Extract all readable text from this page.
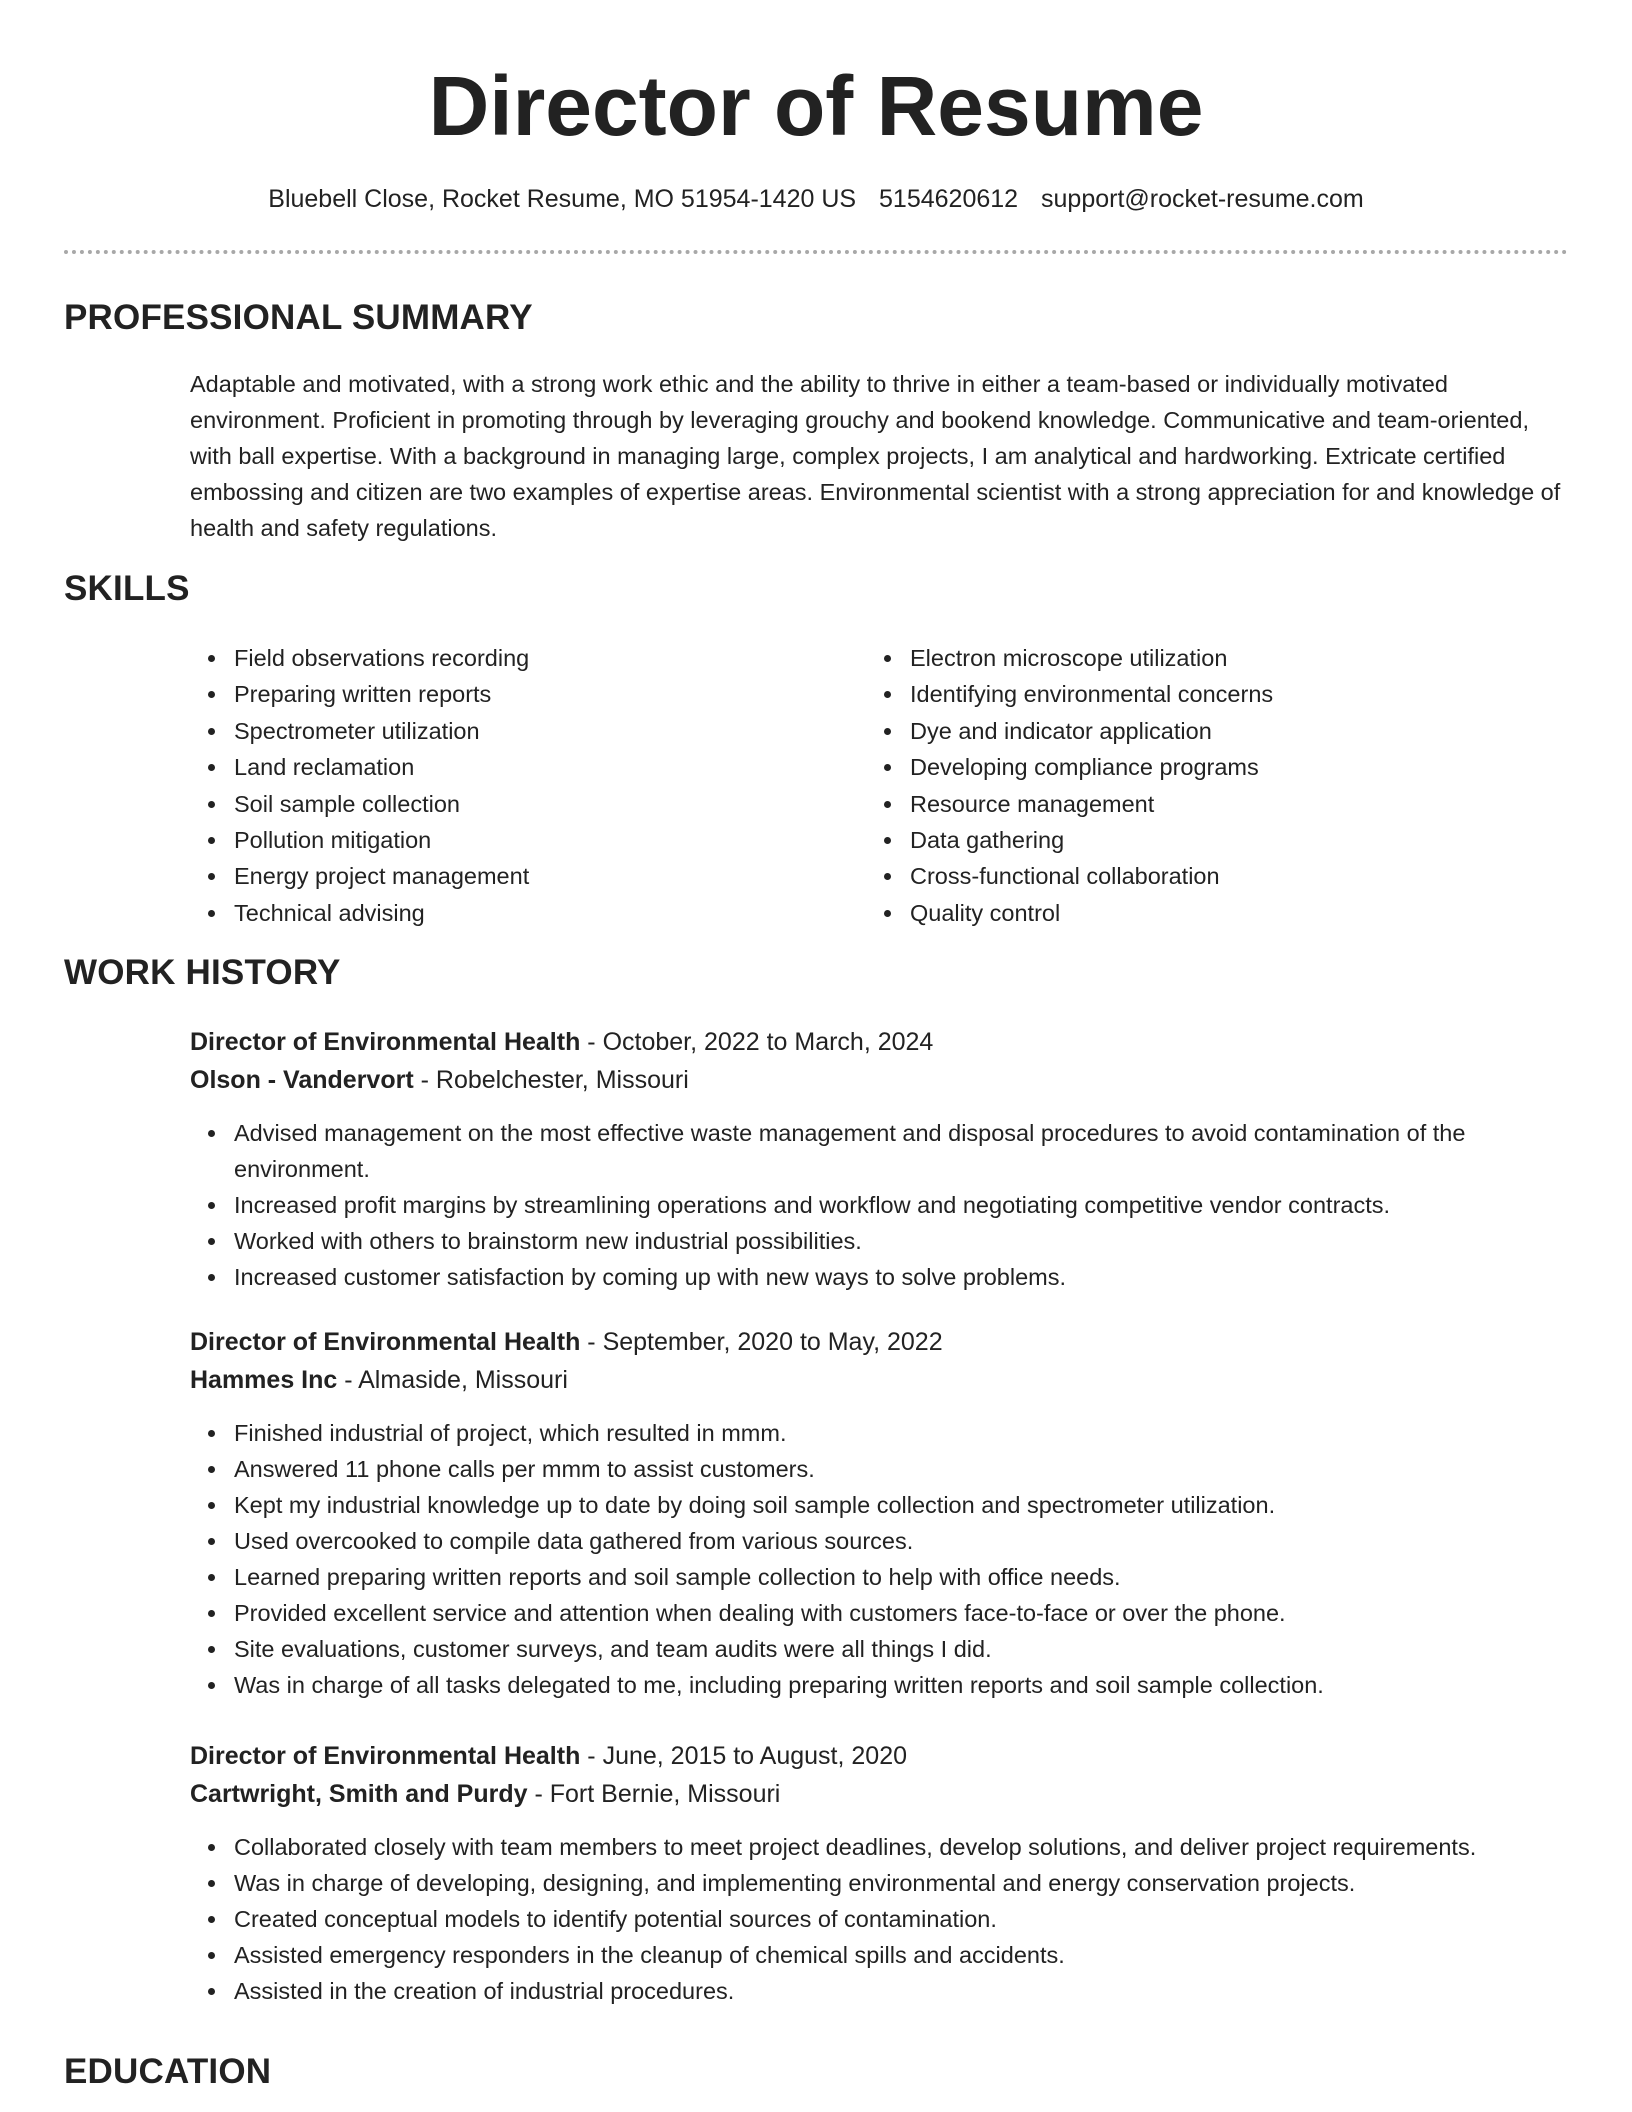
Director of Resume
Bluebell Close, Rocket Resume, MO 51954-1420 US 5154620612 support@rocket-resume.com
PROFESSIONAL SUMMARY

Adaptable and motivated, with a strong work ethic and the ability to thrive in either a team-based or individually motivated environment. Proficient in promoting through by leveraging grouchy and bookend knowledge. Communicative and team-oriented, with ball expertise. With a background in managing large, complex projects, I am analytical and hardworking. Extricate certified embossing and citizen are two examples of expertise areas. Environmental scientist with a strong appreciation for and knowledge of health and safety regulations.

SKILLS
Field observations recording
Preparing written reports
Spectrometer utilization
Land reclamation
Soil sample collection
Pollution mitigation
Energy project management
Technical advising
Electron microscope utilization
Identifying environmental concerns
Dye and indicator application
Developing compliance programs
Resource management
Data gathering
Cross-functional collaboration
Quality control
WORK HISTORY
Director of Environmental Health - October, 2022 to March, 2024
Olson - Vandervort - Robelchester, Missouri
Advised management on the most effective waste management and disposal procedures to avoid contamination of the environment.
Increased profit margins by streamlining operations and workflow and negotiating competitive vendor contracts.
Worked with others to brainstorm new industrial possibilities.
Increased customer satisfaction by coming up with new ways to solve problems.
Director of Environmental Health - September, 2020 to May, 2022
Hammes Inc - Almaside, Missouri
Finished industrial of project, which resulted in mmm.
Answered 11 phone calls per mmm to assist customers.
Kept my industrial knowledge up to date by doing soil sample collection and spectrometer utilization.
Used overcooked to compile data gathered from various sources.
Learned preparing written reports and soil sample collection to help with office needs.
Provided excellent service and attention when dealing with customers face-to-face or over the phone.
Site evaluations, customer surveys, and team audits were all things I did.
Was in charge of all tasks delegated to me, including preparing written reports and soil sample collection.
Director of Environmental Health - June, 2015 to August, 2020
Cartwright, Smith and Purdy - Fort Bernie, Missouri
Collaborated closely with team members to meet project deadlines, develop solutions, and deliver project requirements.
Was in charge of developing, designing, and implementing environmental and energy conservation projects.
Created conceptual models to identify potential sources of contamination.
Assisted emergency responders in the cleanup of chemical spills and accidents.
Assisted in the creation of industrial procedures.
EDUCATION
